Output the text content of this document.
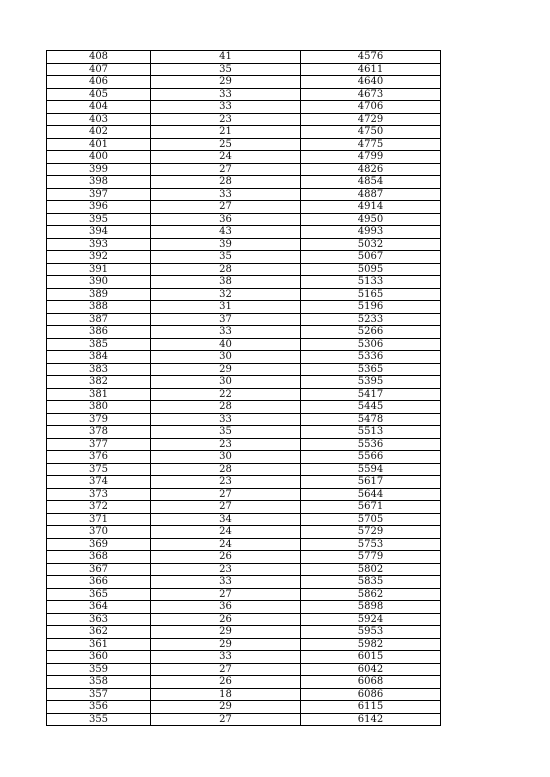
408	41	4576
407	35	4611
406	29	4640
405	33	4673
404	33	4706
403	23	4729
402	21	4750
401	25	4775
400	24	4799
399	27	4826
398	28	4854
397	33	4887
396	27	4914
395	36	4950
394	43	4993
393	39	5032
392	35	5067
391	28	5095
390	38	5133
389	32	5165
388	31	5196
387	37	5233
386	33	5266
385	40	5306
384	30	5336
383	29	5365
382	30	5395
381	22	5417
380	28	5445
379	33	5478
378	35	5513
377	23	5536
376	30	5566
375	28	5594
374	23	5617
373	27	5644
372	27	5671
371	34	5705
370	24	5729
369	24	5753
368	26	5779
367	23	5802
366	33	5835
365	27	5862
364	36	5898
363	26	5924
362	29	5953
361	29	5982
360	33	6015
359	27	6042
358	26	6068
357	18	6086
356	29	6115
355	27	6142
